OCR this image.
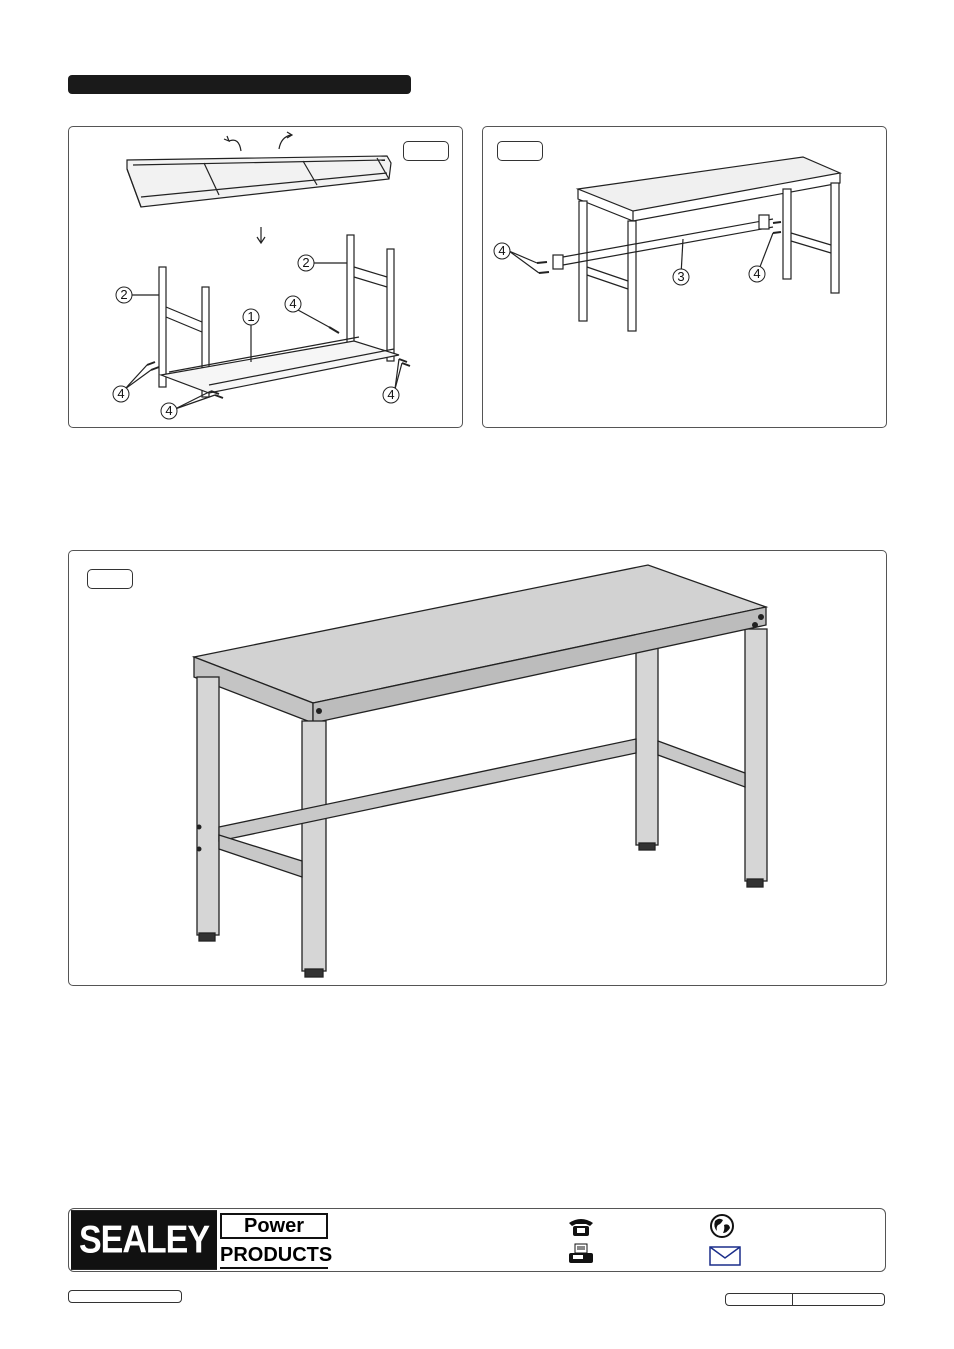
2
2
1
4
4
4
4
4
3	4
SEALEY	Power
PRODUCTS
